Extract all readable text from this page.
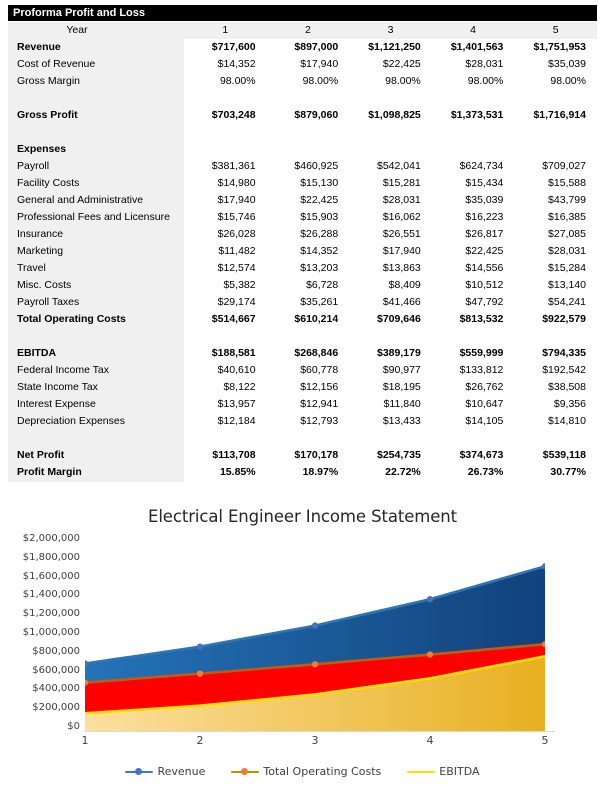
Proforma Profit and Loss
Year	1	2	3	4	5
Revenue	$717,600	$897,000	$1,121,250	$1,401,563	$1,751,953
Cost of Revenue	$14,352	$17,940	$22,425	$28,031	$35,039
Gross Margin	98.00%	98.00%	98.00%	98.00%	98.00%

Gross Profit	$703,248	$879,060	$1,098,825	$1,373,531	$1,716,914

Expenses					
Payroll	$381,361	$460,925	$542,041	$624,734	$709,027
Facility Costs	$14,980	$15,130	$15,281	$15,434	$15,588
General and Administrative	$17,940	$22,425	$28,031	$35,039	$43,799
Professional Fees and Licensure	$15,746	$15,903	$16,062	$16,223	$16,385
Insurance	$26,028	$26,288	$26,551	$26,817	$27,085
Marketing	$11,482	$14,352	$17,940	$22,425	$28,031
Travel	$12,574	$13,203	$13,863	$14,556	$15,284
Misc. Costs	$5,382	$6,728	$8,409	$10,512	$13,140
Payroll Taxes	$29,174	$35,261	$41,466	$47,792	$54,241
Total Operating Costs	$514,667	$610,214	$709,646	$813,532	$922,579

EBITDA	$188,581	$268,846	$389,179	$559,999	$794,335
Federal Income Tax	$40,610	$60,778	$90,977	$133,812	$192,542
State Income Tax	$8,122	$12,156	$18,195	$26,762	$38,508
Interest Expense	$13,957	$12,941	$11,840	$10,647	$9,356
Depreciation Expenses	$12,184	$12,793	$13,433	$14,105	$14,810

Net Profit	$113,708	$170,178	$254,735	$374,673	$539,118
Profit Margin	15.85%	18.97%	22.72%	26.73%	30.77%
Electrical Engineer Income Statement
$0
$200,000
$400,000
$600,000
$800,000
$1,000,000
$1,200,000
$1,400,000
$1,600,000
$1,800,000
$2,000,000
1	2	3	4	5
Revenue	Total Operating Costs	EBITDA
